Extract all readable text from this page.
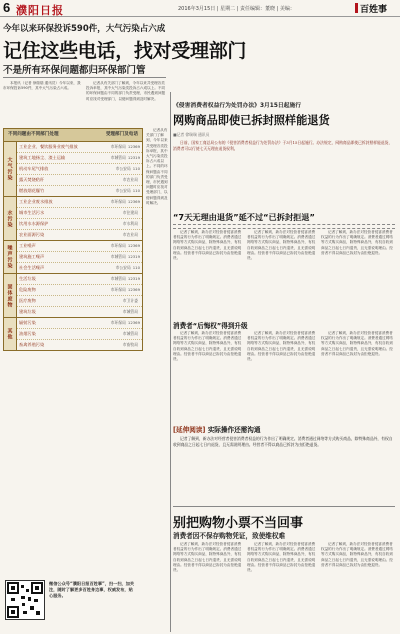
6 濮阳日报	2016年3月15日 | 星期二 | 责任编辑：董晓 | 美编：	百姓事
今年以来环保投诉590件，大气污染占六成
记住这些电话，找对受理部门
不是所有环保问题都归环保部门管

本报讯（记者 徐瑞瑞 通讯员）今年以来，我市环保投诉590件，其中大气污染占六成。

记者从有关部门了解到，今年以来共受理各类投诉举报，其中大气污染类投诉占六成以上。不同的环保问题由不同的部门负责受理，市民遇到问题时应找对受理部门，以便问题得到及时解决。

不同问题由不同部门处理	受理部门及电话
大气污染
工业企业、餐饮服务业废气排放	市环保局 12369
建筑工地扬尘、渣土运输	市城管局 12319
机动车尾气排放	市公安局 110
露天焚烧秸秆	市农业局
燃放烟花爆竹	市公安局 110
水污染
工业企业废水排放	市环保局 12369
城市生活污水	市住建局
饮用水水源保护	市水利局
农业面源污染	市农业局
噪声污染 工业噪声	市环保局 12369
建筑施工噪声	市城管局 12319
社会生活噪声	市公安局 110
固体废物
生活垃圾	市城管局 12319
危险废物	市环保局 12369
医疗废物	市卫计委
建筑垃圾	市城管局
其他
辐射污染	市环保局 12369
油烟污染	市城管局
畜禽养殖污染	市畜牧局

记者从有关部门了解到，今年以来共受理各类投诉举报，其中大气污染类投诉占六成以上。不同的环保问题由不同的部门负责受理，市民遇到问题时应找对受理部门，以便问题得到及时解决。

《侵害消费者权益行为处罚办法》3月15日起施行
网购商品即使已拆封照样能退货
■记者 徐瑞瑞 通讯员

日前，国家工商总局公布的《侵害消费者权益行为处罚办法》于3月15日起施行。办法规定，网购商品即使已拆封照样能退货，消费者可以行使七天无理由退货权利。

“7天无理由退货”延不过“已拆封拒退”

记者了解到，新办法对经营者侵害消费者权益的行为作出了明确规定。消费者通过网络等方式购买商品，除特殊商品外，有权自收到商品之日起七日内退货，且无需说明理由。经营者不得以商品已拆封为由拒绝退货。

记者了解到，新办法对经营者侵害消费者权益的行为作出了明确规定。消费者通过网络等方式购买商品，除特殊商品外，有权自收到商品之日起七日内退货，且无需说明理由。经营者不得以商品已拆封为由拒绝退货。

记者了解到，新办法对经营者侵害消费者权益的行为作出了明确规定。消费者通过网络等方式购买商品，除特殊商品外，有权自收到商品之日起七日内退货，且无需说明理由。经营者不得以商品已拆封为由拒绝退货。

消费者“后悔权”得到升级

记者了解到，新办法对经营者侵害消费者权益的行为作出了明确规定。消费者通过网络等方式购买商品，除特殊商品外，有权自收到商品之日起七日内退货，且无需说明理由。经营者不得以商品已拆封为由拒绝退货。

记者了解到，新办法对经营者侵害消费者权益的行为作出了明确规定。消费者通过网络等方式购买商品，除特殊商品外，有权自收到商品之日起七日内退货，且无需说明理由。经营者不得以商品已拆封为由拒绝退货。

记者了解到，新办法对经营者侵害消费者权益的行为作出了明确规定。消费者通过网络等方式购买商品，除特殊商品外，有权自收到商品之日起七日内退货，且无需说明理由。经营者不得以商品已拆封为由拒绝退货。

[延伸阅读] 实际操作还需沟通

记者了解到，新办法对经营者侵害消费者权益的行为作出了明确规定。消费者通过网络等方式购买商品，除特殊商品外，有权自收到商品之日起七日内退货，且无需说明理由。经营者不得以商品已拆封为由拒绝退货。

别把购物小票不当回事
消费者因不保存购物凭证，致使维权难

记者了解到，新办法对经营者侵害消费者权益的行为作出了明确规定。消费者通过网络等方式购买商品，除特殊商品外，有权自收到商品之日起七日内退货，且无需说明理由。经营者不得以商品已拆封为由拒绝退货。

记者了解到，新办法对经营者侵害消费者权益的行为作出了明确规定。消费者通过网络等方式购买商品，除特殊商品外，有权自收到商品之日起七日内退货，且无需说明理由。经营者不得以商品已拆封为由拒绝退货。

记者了解到，新办法对经营者侵害消费者权益的行为作出了明确规定。消费者通过网络等方式购买商品，除特殊商品外，有权自收到商品之日起七日内退货，且无需说明理由。经营者不得以商品已拆封为由拒绝退货。

微信公众号“濮阳日报百姓事”，扫一扫，加关注，随时了解更多百姓身边事，权威发布，贴心服务。
